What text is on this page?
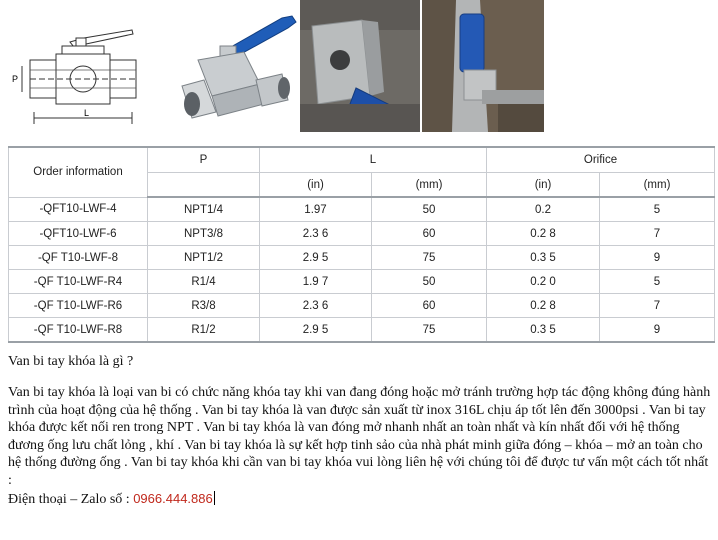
P
L
Order information	P	L		Orifice	
		(in)	(mm)	(in)	(mm)
-QFT10-LWF-4	NPT1/4	1.97	50	0.2	5
-QFT10-LWF-6	NPT3/8	2.3 6	60	0.2 8	7
-QF T10-LWF-8	NPT1/2	2.9 5	75	0.3 5	9
-QF T10-LWF-R4	R1/4	1.9 7	50	0.2 0	5
-QF T10-LWF-R6	R3/8	2.3 6	60	0.2 8	7
-QF T10-LWF-R8	R1/2	2.9 5	75	0.3 5	9
Van bi tay khóa là gì ?
Van bi tay khóa là loại van bi có chức năng khóa tay khi van đang đóng hoặc mở tránh trường hợp tác động không đúng hành trình của hoạt động của hệ thống . Van bi tay khóa là van được sản xuất từ inox 316L chịu áp tốt lên đến 3000psi . Van bi tay khóa được kết nối ren trong NPT . Van bi tay khóa là van đóng mở nhanh nhất an toàn nhất và kín nhất đối với hệ thống đương ống lưu chất lỏng , khí . Van bi tay khóa là sự kết hợp tinh sảo của nhà phát minh giữa đóng – khóa – mở an toàn cho hệ thống đường ống . Van bi tay khóa khi cần van bi tay khóa vui lòng liên hệ với chúng tôi để được tư vấn một cách tốt nhất :
Điện thoại – Zalo số : 0966.444.886
